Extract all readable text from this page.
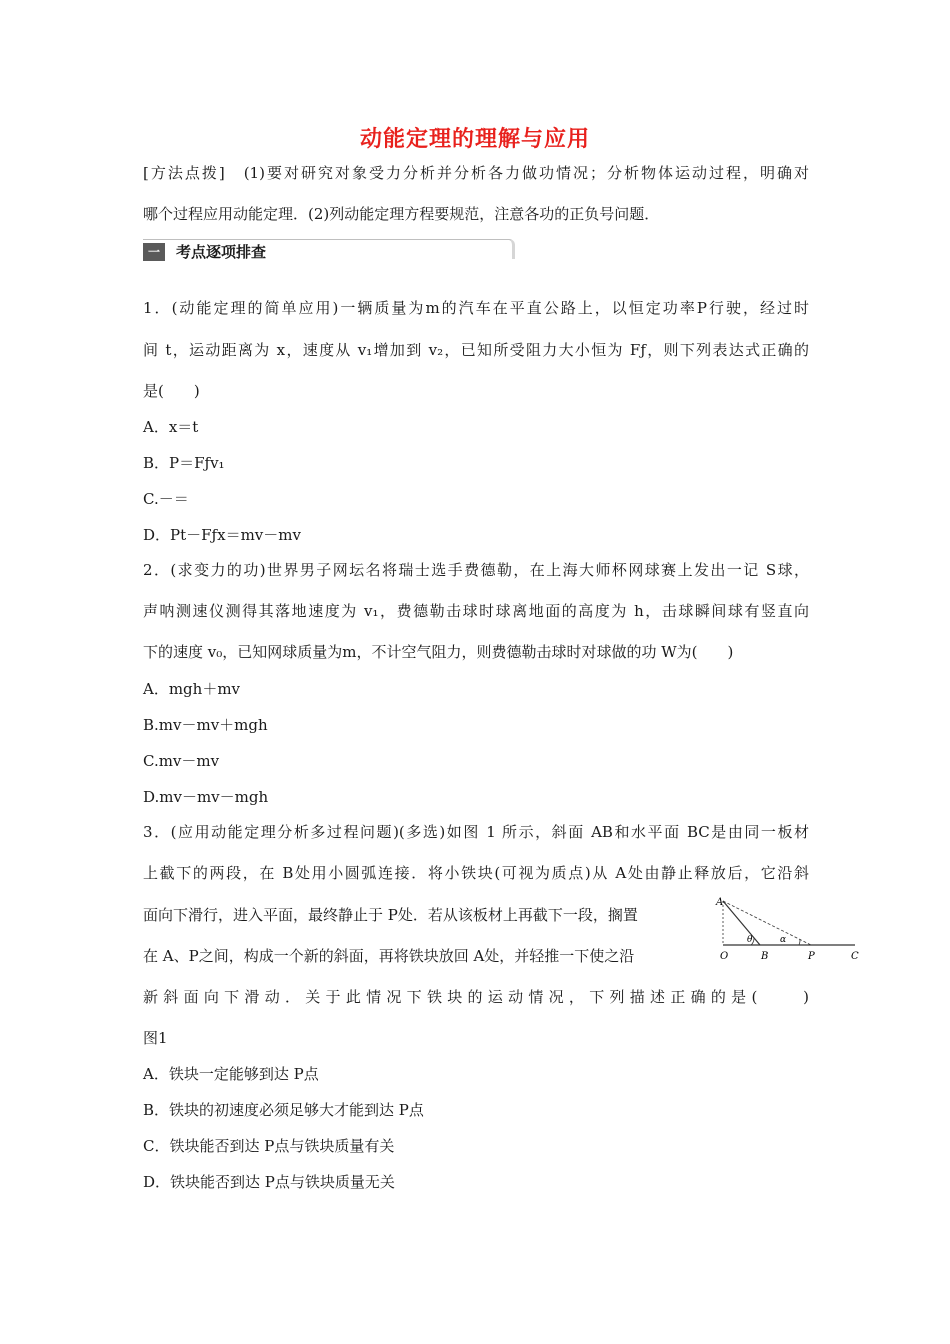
动能定理的理解与应用
[方法点拨]　(1)要对研究对象受力分析并分析各力做功情况；分析物体运动过程，明确对
哪个过程应用动能定理．(2)列动能定理方程要规范，注意各功的正负号问题．
一	考点逐项排查
1．(动能定理的简单应用)一辆质量为m的汽车在平直公路上，以恒定功率P行驶，经过时
间 t，运动距离为 x，速度从 v₁增加到 v₂，已知所受阻力大小恒为 Fƒ，则下列表达式正确的
是(　　)
A．x＝t
B．P＝Fƒv₁
C.－＝
D．Pt－Fƒx＝mv－mv
2．(求变力的功)世界男子网坛名将瑞士选手费德勒，在上海大师杯网球赛上发出一记 S球，
声呐测速仪测得其落地速度为 v₁，费德勒击球时球离地面的高度为 h，击球瞬间球有竖直向
下的速度 v₀，已知网球质量为m，不计空气阻力，则费德勒击球时对球做的功 W为(　　)
A．mgh＋mv
B.mv－mv＋mgh
C.mv－mv
D.mv－mv－mgh
3．(应用动能定理分析多过程问题)(多选)如图 1 所示，斜面 AB和水平面 BC是由同一板材
上截下的两段，在 B处用小圆弧连接．将小铁块(可视为质点)从 A处由静止释放后，它沿斜
面向下滑行，进入平面，最终静止于 P处．若从该板材上再截下一段，搁置
在 A、P之间，构成一个新的斜面，再将铁块放回 A处，并轻推一下使之沿
新斜面向下滑动．关于此情况下铁块的运动情况，下列描述正确的是(　　)
图1
A
O	B	P	C
θ	α
A．铁块一定能够到达 P点
B．铁块的初速度必须足够大才能到达 P点
C．铁块能否到达 P点与铁块质量有关
D．铁块能否到达 P点与铁块质量无关
